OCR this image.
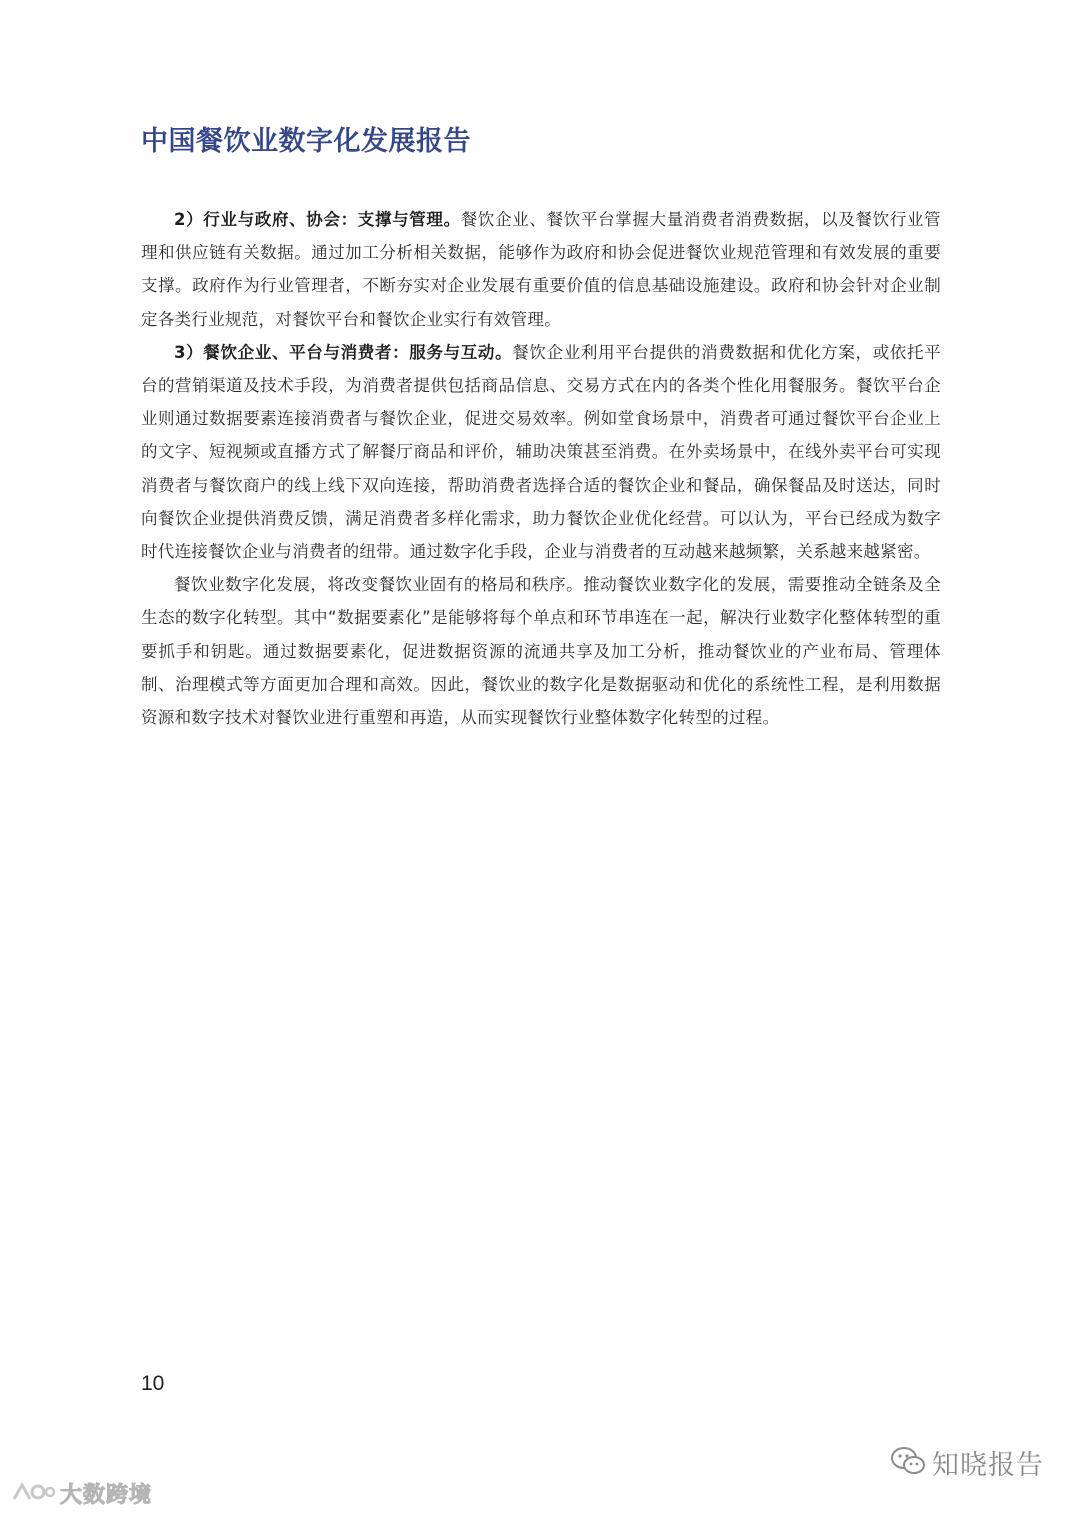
中国餐饮业数字化发展报告

2）行业与政府、协会：支撑与管理。餐饮企业、餐饮平台掌握大量消费者消费数据，以及餐饮行业管理和供应链有关数据。通过加工分析相关数据，能够作为政府和协会促进餐饮业规范管理和有效发展的重要支撑。政府作为行业管理者，不断夯实对企业发展有重要价值的信息基础设施建设。政府和协会针对企业制定各类行业规范，对餐饮平台和餐饮企业实行有效管理。

3）餐饮企业、平台与消费者：服务与互动。餐饮企业利用平台提供的消费数据和优化方案，或依托平台的营销渠道及技术手段，为消费者提供包括商品信息、交易方式在内的各类个性化用餐服务。餐饮平台企业则通过数据要素连接消费者与餐饮企业，促进交易效率。例如堂食场景中，消费者可通过餐饮平台企业上的文字、短视频或直播方式了解餐厅商品和评价，辅助决策甚至消费。在外卖场景中，在线外卖平台可实现消费者与餐饮商户的线上线下双向连接，帮助消费者选择合适的餐饮企业和餐品，确保餐品及时送达，同时向餐饮企业提供消费反馈，满足消费者多样化需求，助力餐饮企业优化经营。可以认为，平台已经成为数字时代连接餐饮企业与消费者的纽带。通过数字化手段，企业与消费者的互动越来越频繁，关系越来越紧密。

餐饮业数字化发展，将改变餐饮业固有的格局和秩序。推动餐饮业数字化的发展，需要推动全链条及全生态的数字化转型。其中“数据要素化”是能够将每个单点和环节串连在一起，解决行业数字化整体转型的重要抓手和钥匙。通过数据要素化，促进数据资源的流通共享及加工分析，推动餐饮业的产业布局、管理体制、治理模式等方面更加合理和高效。因此，餐饮业的数字化是数据驱动和优化的系统性工程，是利用数据资源和数字技术对餐饮业进行重塑和再造，从而实现餐饮行业整体数字化转型的过程。

10
知晓报告
大数跨境
